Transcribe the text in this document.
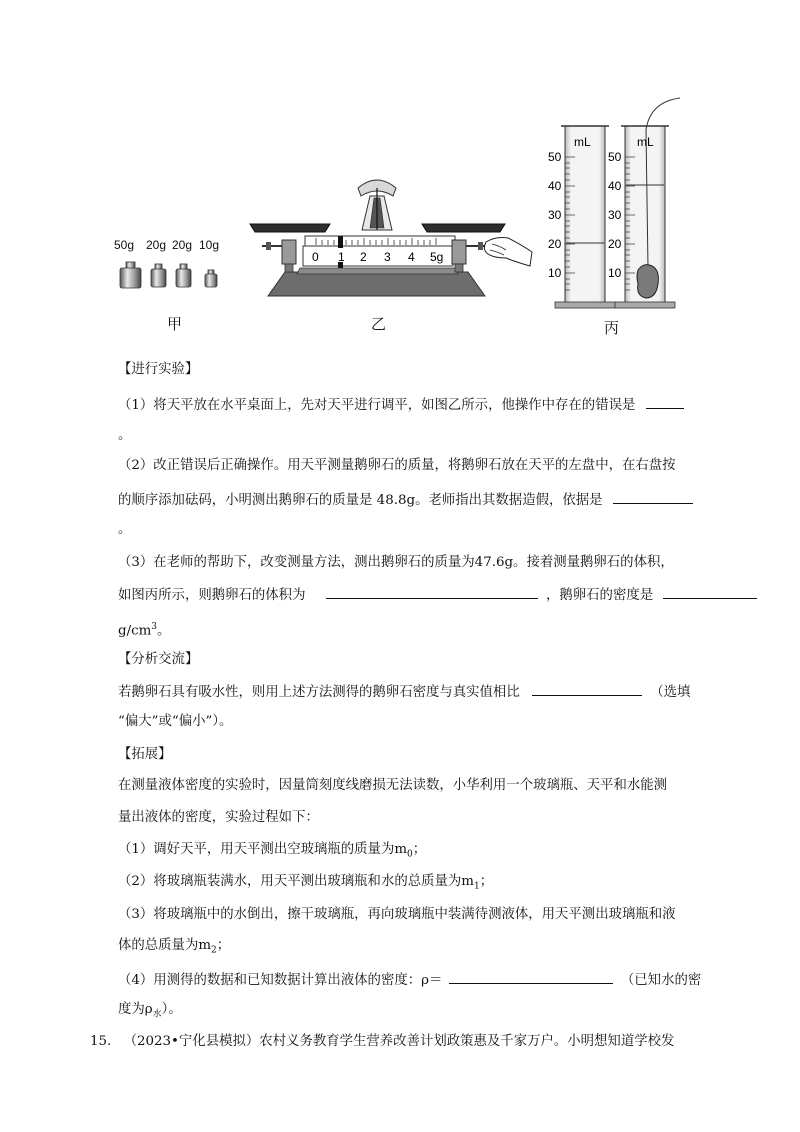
50g 20g 20g 10g
甲
0 1 2 3 4 5g
mL
50
40
30
20
10
mL
50
40
30
20
10
乙	丙
【进行实验】
（1）将天平放在水平桌面上，先对天平进行调平，如图乙所示，他操作中存在的错误是
。
（2）改正错误后正确操作。用天平测量鹅卵石的质量，将鹅卵石放在天平的左盘中，在右盘按
的顺序添加砝码，小明测出鹅卵石的质量是 48.8g。老师指出其数据造假，依据是
。
（3）在老师的帮助下，改变测量方法，测出鹅卵石的质量为47.6g。接着测量鹅卵石的体积，
如图丙所示，则鹅卵石的体积为	，鹅卵石的密度是
$g/cm^3$。
【分析交流】
若鹅卵石具有吸水性，则用上述方法测得的鹅卵石密度与真实值相比	（选填
“偏大”或“偏小”）。
【拓展】
在测量液体密度的实验时，因量筒刻度线磨损无法读数，小华利用一个玻璃瓶、天平和水能测
量出液体的密度，实验过程如下：
（1）调好天平，用天平测出空玻璃瓶的质量为$m_0$；
（2）将玻璃瓶装满水，用天平测出玻璃瓶和水的总质量为$m_1$；
（3）将玻璃瓶中的水倒出，擦干玻璃瓶，再向玻璃瓶中装满待测液体，用天平测出玻璃瓶和液
体的总质量为$m_2$；
（4）用测得的数据和已知数据计算出液体的密度：ρ＝	（已知水的密
度为$\rho_水$）。
15. （2023•宁化县模拟）农村义务教育学生营养改善计划政策惠及千家万户。小明想知道学校发
